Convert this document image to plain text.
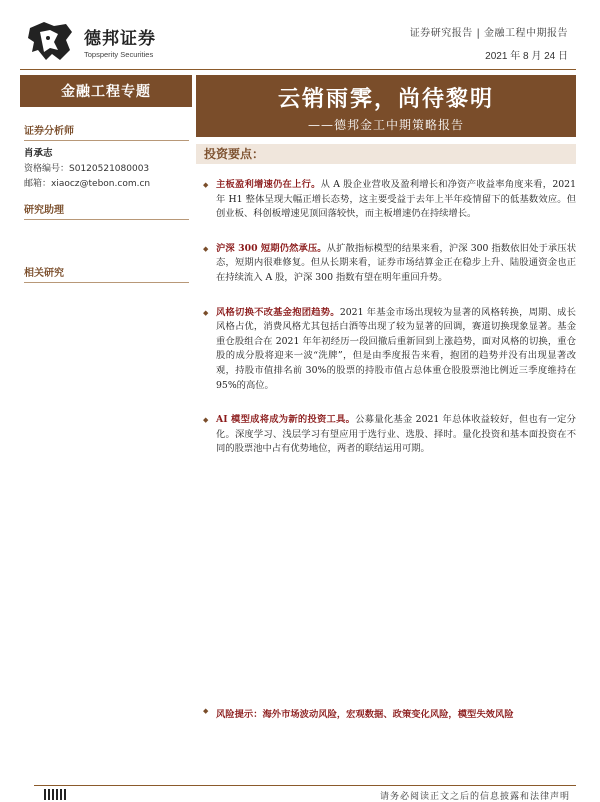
德邦证券
Topsperity Securities
证券研究报告 | 金融工程中期报告
2021 年 8 月 24 日
金融工程专题	云销雨霁，尚待黎明
——德邦金工中期策略报告
证券分析师
肖承志
资格编号：S0120521080003
邮箱：xiaocz@tebon.com.cn
研究助理
相关研究
投资要点：
◆ 主板盈利增速仍在上行。从 A 股企业营收及盈利增长和净资产收益率角度来看，2021 年 H1 整体呈现大幅正增长态势，这主要受益于去年上半年疫情留下的低基数效应。但创业板、科创板增速见顶回落较快，而主板增速仍在持续增长。
◆ 沪深 300 短期仍然承压。从扩散指标模型的结果来看，沪深 300 指数依旧处于承压状态，短期内很难修复。但从长期来看，证券市场结算金正在稳步上升、陆股通资金也正在持续流入 A 股，沪深 300 指数有望在明年重回升势。
◆ 风格切换不改基金抱团趋势。2021 年基金市场出现较为显著的风格转换，周期、成长风格占优，消费风格尤其包括白酒等出现了较为显著的回调，赛道切换现象显著。基金重仓股组合在 2021 年年初经历一段回撤后重新回到上涨趋势，面对风格的切换，重仓股的成分股将迎来一波“洗牌”，但是由季度报告来看，抱团的趋势并没有出现显著改观，持股市值排名前 30%的股票的持股市值占总体重仓股股票池比例近三季度维持在 95%的高位。
◆ AI 模型成将成为新的投资工具。公募量化基金 2021 年总体收益较好，但也有一定分化。深度学习、浅层学习有望应用于选行业、选股、择时。量化投资和基本面投资在不同的股票池中占有优势地位，两者的联结运用可期。
◆ 风险提示：海外市场波动风险，宏观数据、政策变化风险，模型失效风险
请务必阅读正文之后的信息披露和法律声明
